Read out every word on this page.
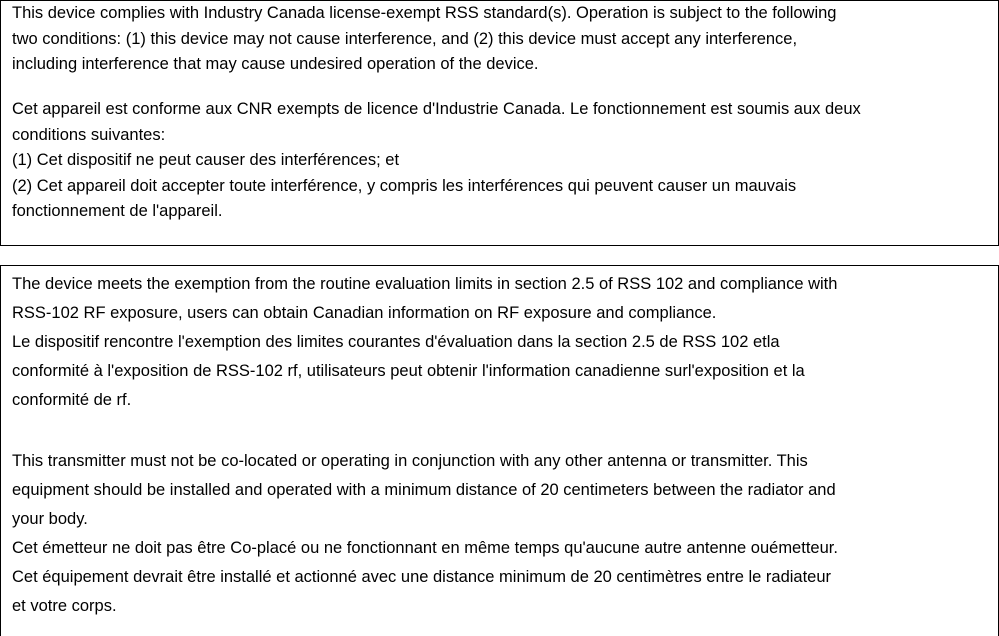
This device complies with Industry Canada license-exempt RSS standard(s). Operation is subject to the following
two conditions: (1) this device may not cause interference, and (2) this device must accept any interference,
including interference that may cause undesired operation of the device.

Cet appareil est conforme aux CNR exempts de licence d'Industrie Canada. Le fonctionnement est soumis aux deux
conditions suivantes:
(1) Cet dispositif ne peut causer des interférences; et
(2) Cet appareil doit accepter toute interférence, y compris les interférences qui peuvent causer un mauvais
fonctionnement de l'appareil.

The device meets the exemption from the routine evaluation limits in section 2.5 of RSS 102 and compliance with
RSS-102 RF exposure, users can obtain Canadian information on RF exposure and compliance.
Le dispositif rencontre l'exemption des limites courantes d'évaluation dans la section 2.5 de RSS 102 etla
conformité à l'exposition de RSS-102 rf, utilisateurs peut obtenir l'information canadienne surl'exposition et la
conformité de rf.

This transmitter must not be co-located or operating in conjunction with any other antenna or transmitter. This
equipment should be installed and operated with a minimum distance of 20 centimeters between the radiator and
your body.
Cet émetteur ne doit pas être Co-placé ou ne fonctionnant en même temps qu'aucune autre antenne ouémetteur.
Cet équipement devrait être installé et actionné avec une distance minimum de 20 centimètres entre le radiateur
et votre corps.
